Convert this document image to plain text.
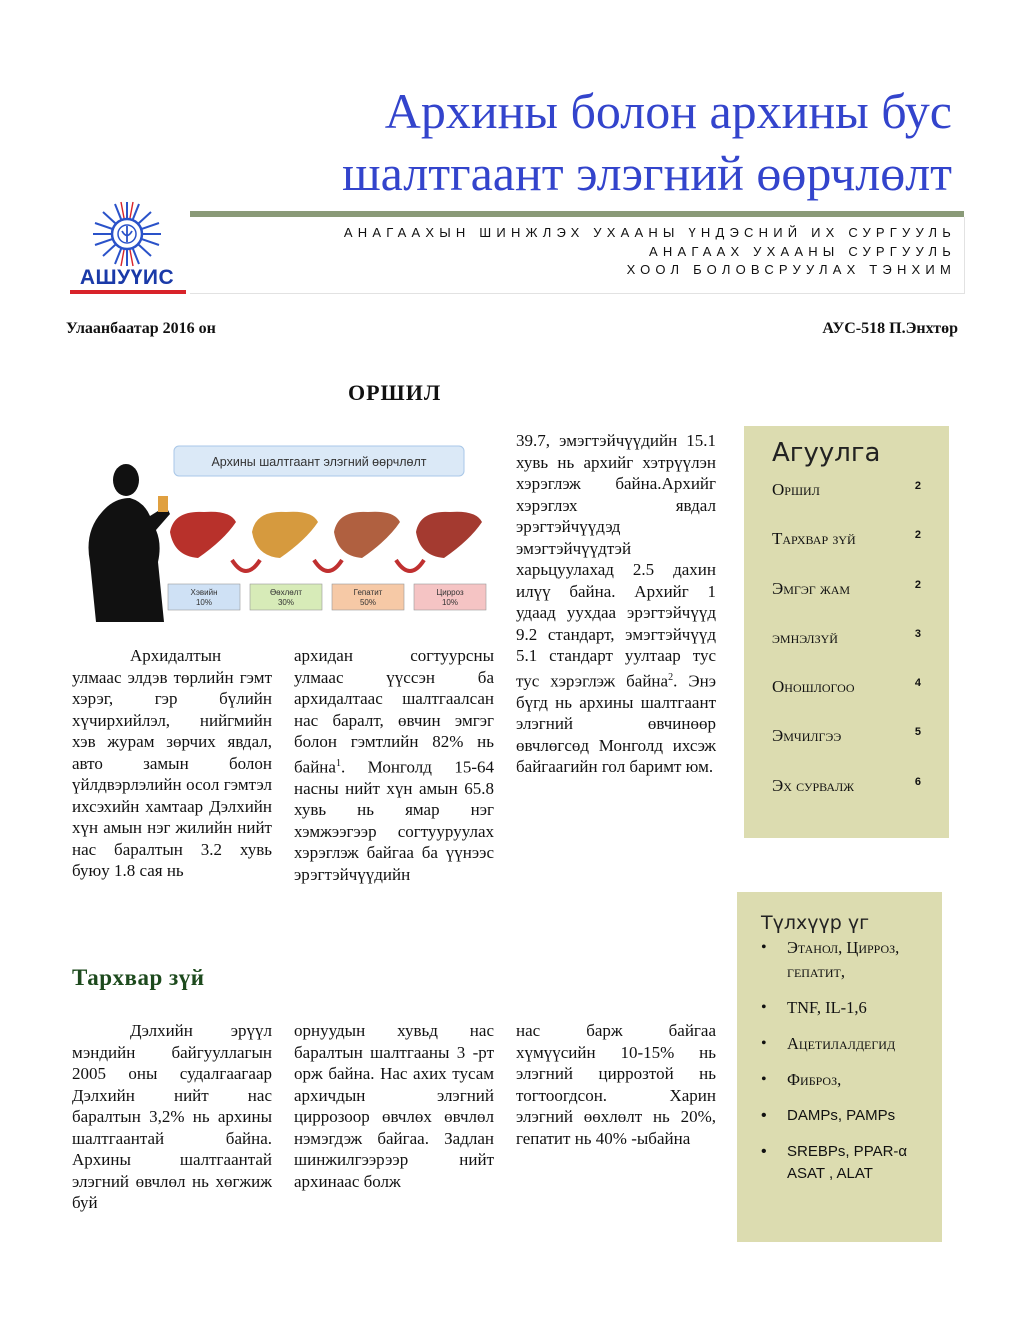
Архины болон архины бус
шалтгаант элэгний өөрчлөлт
АШУҮИС
АНАГААХЫН ШИНЖЛЭХ УХААНЫ ҮНДЭСНИЙ ИХ СУРГУУЛЬ
АНАГААХ УХААНЫ СУРГУУЛЬ
ХООЛ БОЛОВСРУУЛАХ ТЭНХИМ
Улаанбаатар 2016 он	АУС-518 П.Энхтөр
ОРШИЛ
Архины шалтгаант элэгний өөрчлөлт
Хэвийн
10%
Өөхлөлт
30%
Гепатит
50%
Цирроз
10%

Архидалтын улмаас элдэв төрлийн гэмт хэрэг, гэр бүлийн хүчирхийлэл, нийгмийн хэв журам зөрчих явдал, авто замын болон үйлдвэрлэлийн осол гэмтэл ихсэхийн хамтаар Дэлхийн хүн амын нэг жилийн нийт нас баралтын 3.2 хувь буюу 1.8 сая нь

архидан согтуурсны улмаас үүссэн ба архидалтаас шалтгаалсан нас баралт, өвчин эмгэг болон гэмтлийн 82% нь байна$^1$. Монголд 15-64 насны нийт хүн амын 65.8 хувь нь ямар нэг хэмжээгээр согтууруулах хэрэглэж байгаа ба үүнээс эрэгтэйчүүдийн

39.7, эмэгтэйчүүдийн 15.1 хувь нь архийг хэтрүүлэн хэрэглэж байна.Архийг хэрэглэх явдал эрэгтэйчүүдэд эмэгтэйчүүдтэй харьцуулахад 2.5 дахин илүү байна. Архийг 1 удаад уухдаа эрэгтэйчүүд 9.2 стандарт, эмэгтэйчүүд 5.1 стандарт уултаар тус тус хэрэглэж байна$^2$. Энэ бүгд нь архины шалтгаант элэгний өвчинөөр өвчлөгсөд Монголд ихсэж байгаагийн гол баримт юм.

Тархвар зүй

Дэлхийн эрүүл мэндийн байгууллагын 2005 оны судалгаагаар Дэлхийн нийт нас баралтын 3,2% нь архины шалтгаантай байна. Архины шалтгаантай элэгний өвчлөл нь хөгжиж буй

орнуудын хувьд нас баралтын шалтгааны 3 -рт орж байна. Нас ахих тусам архичдын элэгний циррозоор өвчлөх өвчлөл нэмэгдэж байгаа. Задлан шинжилгээрээр нийт архинаас болж

нас барж байгаа хүмүүсийн 10-15% нь элэгний циррозтой нь тогтоогдсон. Харин элэгний өөхлөлт нь 20%, гепатит нь 40% -ыбайна

Агуулга
Оршил	2
Тархвар зүй	2
Эмгэг жам	2
эмнэлзүй	3
Оношлогоо	4
Эмчилгээ	5
Эх сурвалж	6
Түлхүүр үг
• Этанол, Цирроз, гепатит,
• TNF, IL-1,6
• Ацетилалдегид
• Фиброз,
• DAMPs, PAMPs
• SREBPs, PPAR-α
ASAT , ALAT
